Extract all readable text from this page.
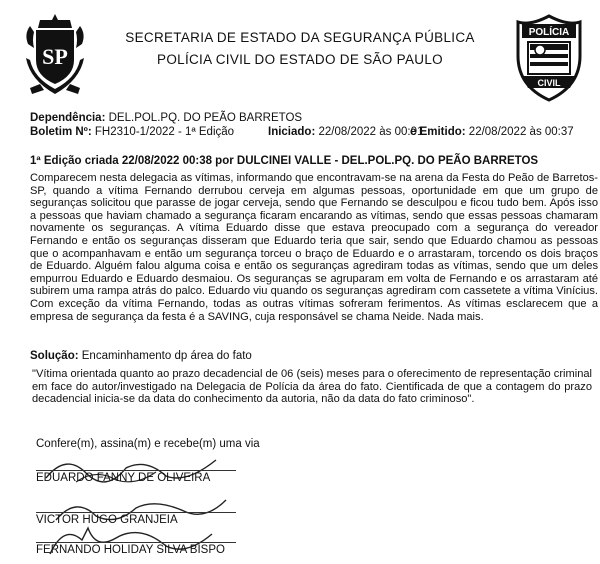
SP
SECRETARIA DE ESTADO DA SEGURANÇA PÚBLICA
POLÍCIA CIVIL DO ESTADO DE SÃO PAULO
POLÍCIA
CIVIL
Dependência: DEL.POL.PQ. DO PEÃO BARRETOS
Boletim Nº: FH2310-1/2022 - 1ª Edição	Iniciado: 22/08/2022 às 00:01
e Emitido: 22/08/2022 às 00:37
1ª Edição criada 22/08/2022 00:38 por DULCINEI VALLE - DEL.POL.PQ. DO PEÃO BARRETOS
Comparecem nesta delegacia as vítimas, informando que encontravam-se na arena da Festa do Peão de Barretos-SP, quando a vítima Fernando derrubou cerveja em algumas pessoas, oportunidade em que um grupo de seguranças solicitou que parasse de jogar cerveja, sendo que Fernando se desculpou e ficou tudo bem. Após isso a pessoas que haviam chamado a segurança ficaram encarando as vítimas, sendo que essas pessoas chamaram novamente os seguranças. A vítima Eduardo disse que estava preocupado com a segurança do vereador Fernando e então os seguranças disseram que Eduardo teria que sair, sendo que Eduardo chamou as pessoas que o acompanhavam e então um segurança torceu o braço de Eduardo e o arrastaram, torcendo os dois braços de Eduardo. Alguém falou alguma coisa e então os seguranças agrediram todas as vítimas, sendo que um deles empurrou Eduardo e Eduardo desmaiou. Os seguranças se agruparam em volta de Fernando e os arrastaram até subirem uma rampa atrás do palco. Eduardo viu quando os seguranças agrediram com cassetete a vítima Vinícius. Com exceção da vítima Fernando, todas as outras vítimas sofreram ferimentos. As vítimas esclarecem que a empresa de segurança da festa é a SAVING, cuja responsável se chama Neide. Nada mais.
Solução: Encaminhamento dp área do fato
"Vítima orientada quanto ao prazo decadencial de 06 (seis) meses para o oferecimento de representação criminal em face do autor/investigado na Delegacia de Polícia da área do fato. Cientificada de que a contagem do prazo decadencial inicia-se da data do conhecimento da autoria, não da data do fato criminoso".
Confere(m), assina(m) e recebe(m) uma via
EDUARDO FANNY DE OLIVEIRA
VICTOR HUGO GRANJEIA
FERNANDO HOLIDAY SILVA BISPO
